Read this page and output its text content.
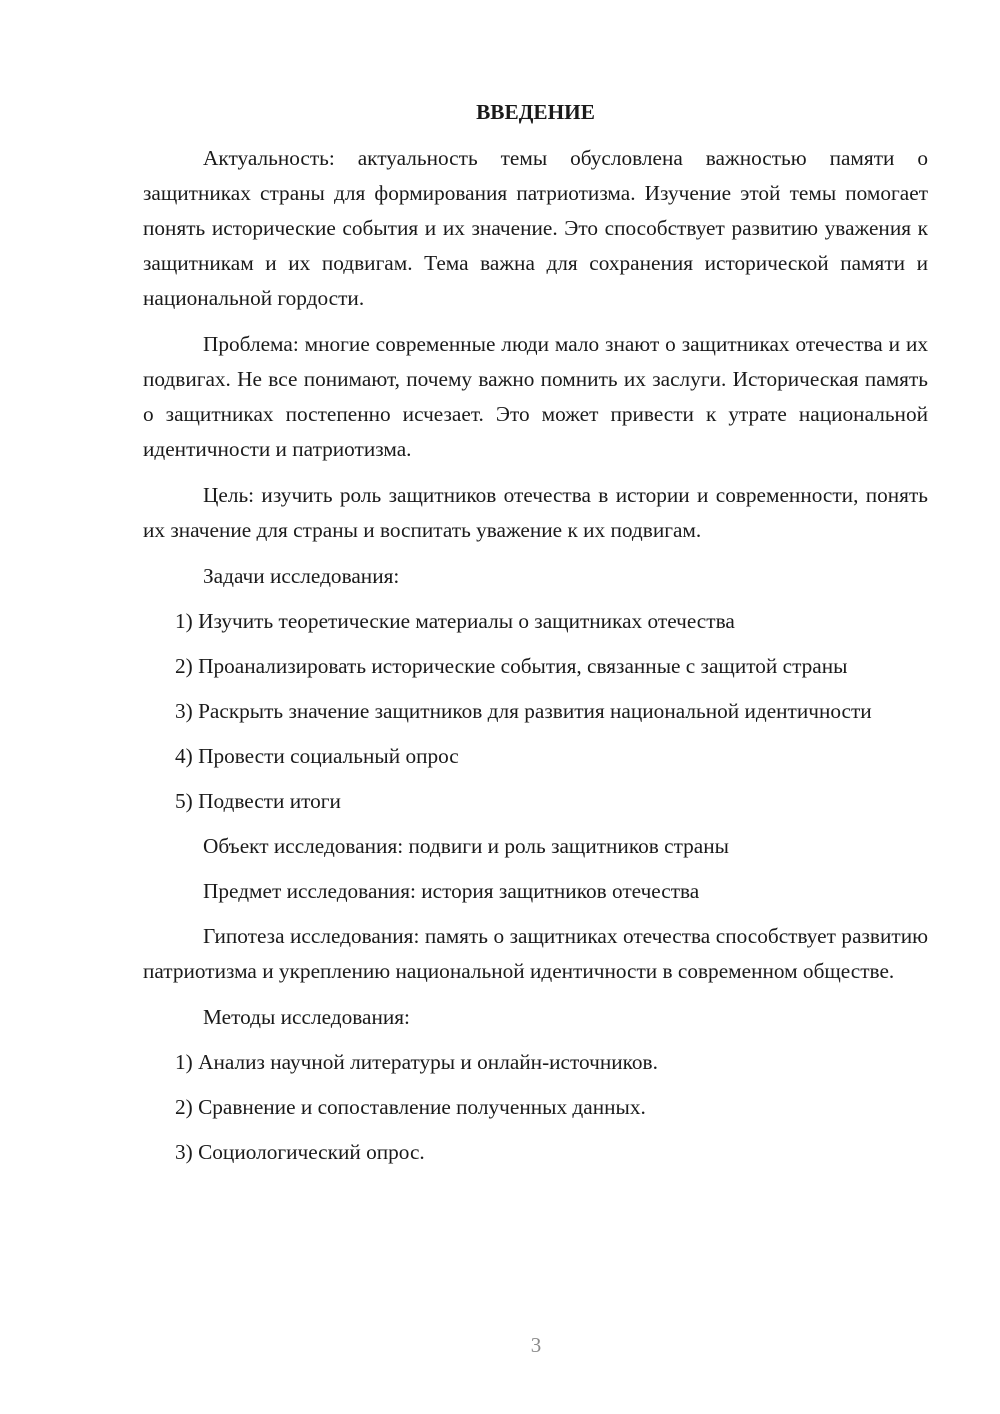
ВВЕДЕНИЕ

Актуальность: актуальность темы обусловлена важностью памяти о защитниках страны для формирования патриотизма. Изучение этой темы помогает понять исторические события и их значение. Это способствует развитию уважения к защитникам и их подвигам. Тема важна для сохранения исторической памяти и национальной гордости.

Проблема: многие современные люди мало знают о защитниках отечества и их подвигах. Не все понимают, почему важно помнить их заслуги. Историческая память о защитниках постепенно исчезает. Это может привести к утрате национальной идентичности и патриотизма.

Цель: изучить роль защитников отечества в истории и современности, понять их значение для страны и воспитать уважение к их подвигам.

Задачи исследования:

1) Изучить теоретические материалы о защитниках отечества

2) Проанализировать исторические события, связанные с защитой страны

3) Раскрыть значение защитников для развития национальной идентичности

4) Провести социальный опрос

5) Подвести итоги

Объект исследования: подвиги и роль защитников страны

Предмет исследования: история защитников отечества

Гипотеза исследования: память о защитниках отечества способствует развитию патриотизма и укреплению национальной идентичности в современном обществе.

Методы исследования:

1) Анализ научной литературы и онлайн-источников.

2) Сравнение и сопоставление полученных данных.

3) Социологический опрос.

3
